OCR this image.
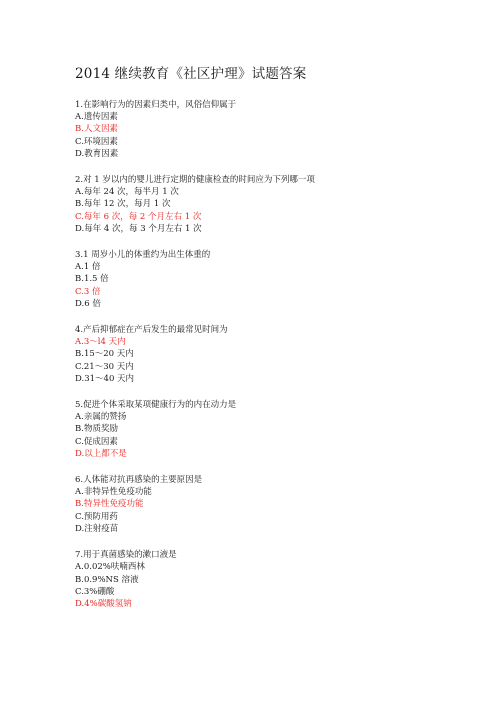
2014 继续教育《社区护理》试题答案
1.在影响行为的因素归类中，风俗信仰属于
A.遗传因素
B.人文因素
C.环境因素
D.教育因素
2.对 1 岁以内的婴儿进行定期的健康检查的时间应为下列哪一项
A.每年 24 次，每半月 1 次
B.每年 12 次，每月 1 次
C.每年 6 次，每 2 个月左右 1 次
D.每年 4 次，每 3 个月左右 1 次
3.1 周岁小儿的体重约为出生体重的
A.1 倍
B.1.5 倍
C.3 倍
D.6 倍
4.产后抑郁症在产后发生的最常见时间为
A.3～l4 天内
B.15～20 天内
C.21～30 天内
D.31～40 天内
5.促进个体采取某项健康行为的内在动力是
A.亲属的赞扬
B.物质奖励
C.促成因素
D.以上都不是
6.人体能对抗再感染的主要原因是
A.非特异性免疫功能
B.特异性免疫功能
C.预防用药
D.注射疫苗
7.用于真菌感染的漱口液是
A.0.02%呋喃西林
B.0.9%NS 溶液
C.3%硼酸
D.4%碳酸氢钠
